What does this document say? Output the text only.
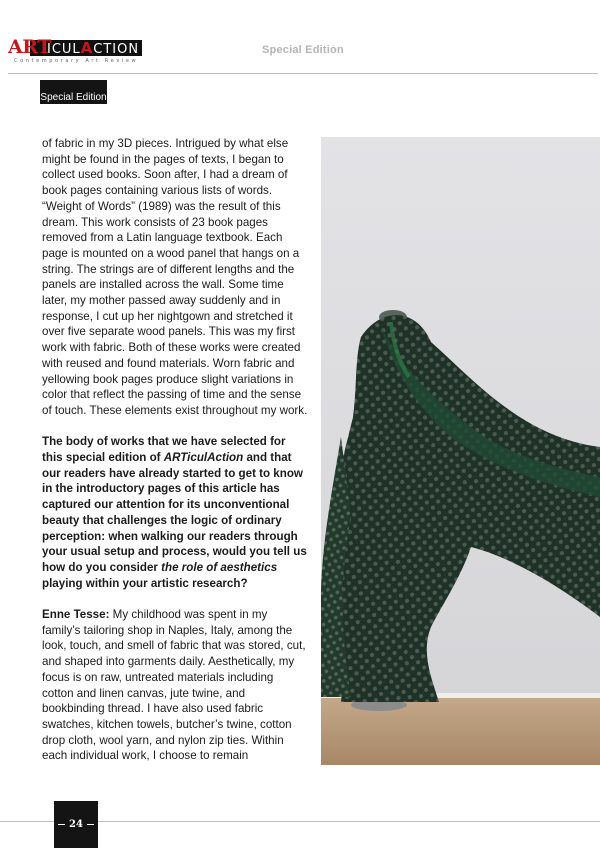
ART
ICULACTION
Contemporary Art Review
Special Edition
Special Edition

of fabric in my 3D pieces. Intrigued by what else might be found in the pages of texts, I began to collect used books. Soon after, I had a dream of book pages containing various lists of words. “Weight of Words” (1989) was the result of this dream. This work consists of 23 book pages removed from a Latin language textbook. Each page is mounted on a wood panel that hangs on a string. The strings are of different lengths and the panels are installed across the wall. Some time later, my mother passed away suddenly and in response, I cut up her nightgown and stretched it over five separate wood panels. This was my first work with fabric. Both of these works were created with reused and found materials. Worn fabric and yellowing book pages produce slight variations in color that reflect the passing of time and the sense of touch. These elements exist throughout my work.

The body of works that we have selected for this special edition of ARTiculAction and that our readers have already started to get to know in the introductory pages of this article has captured our attention for its unconventional beauty that challenges the logic of ordinary perception: when walking our readers through your usual setup and process, would you tell us how do you consider the role of aesthetics playing within your artistic research?

Enne Tesse: My childhood was spent in my family’s tailoring shop in Naples, Italy, among the look, touch, and smell of fabric that was stored, cut, and shaped into garments daily. Aesthetically, my focus is on raw, untreated materials including cotton and linen canvas, jute twine, and bookbinding thread. I have also used fabric swatches, kitchen towels, butcher’s twine, cotton drop cloth, wool yarn, and nylon zip ties. Within each individual work, I choose to remain

24
